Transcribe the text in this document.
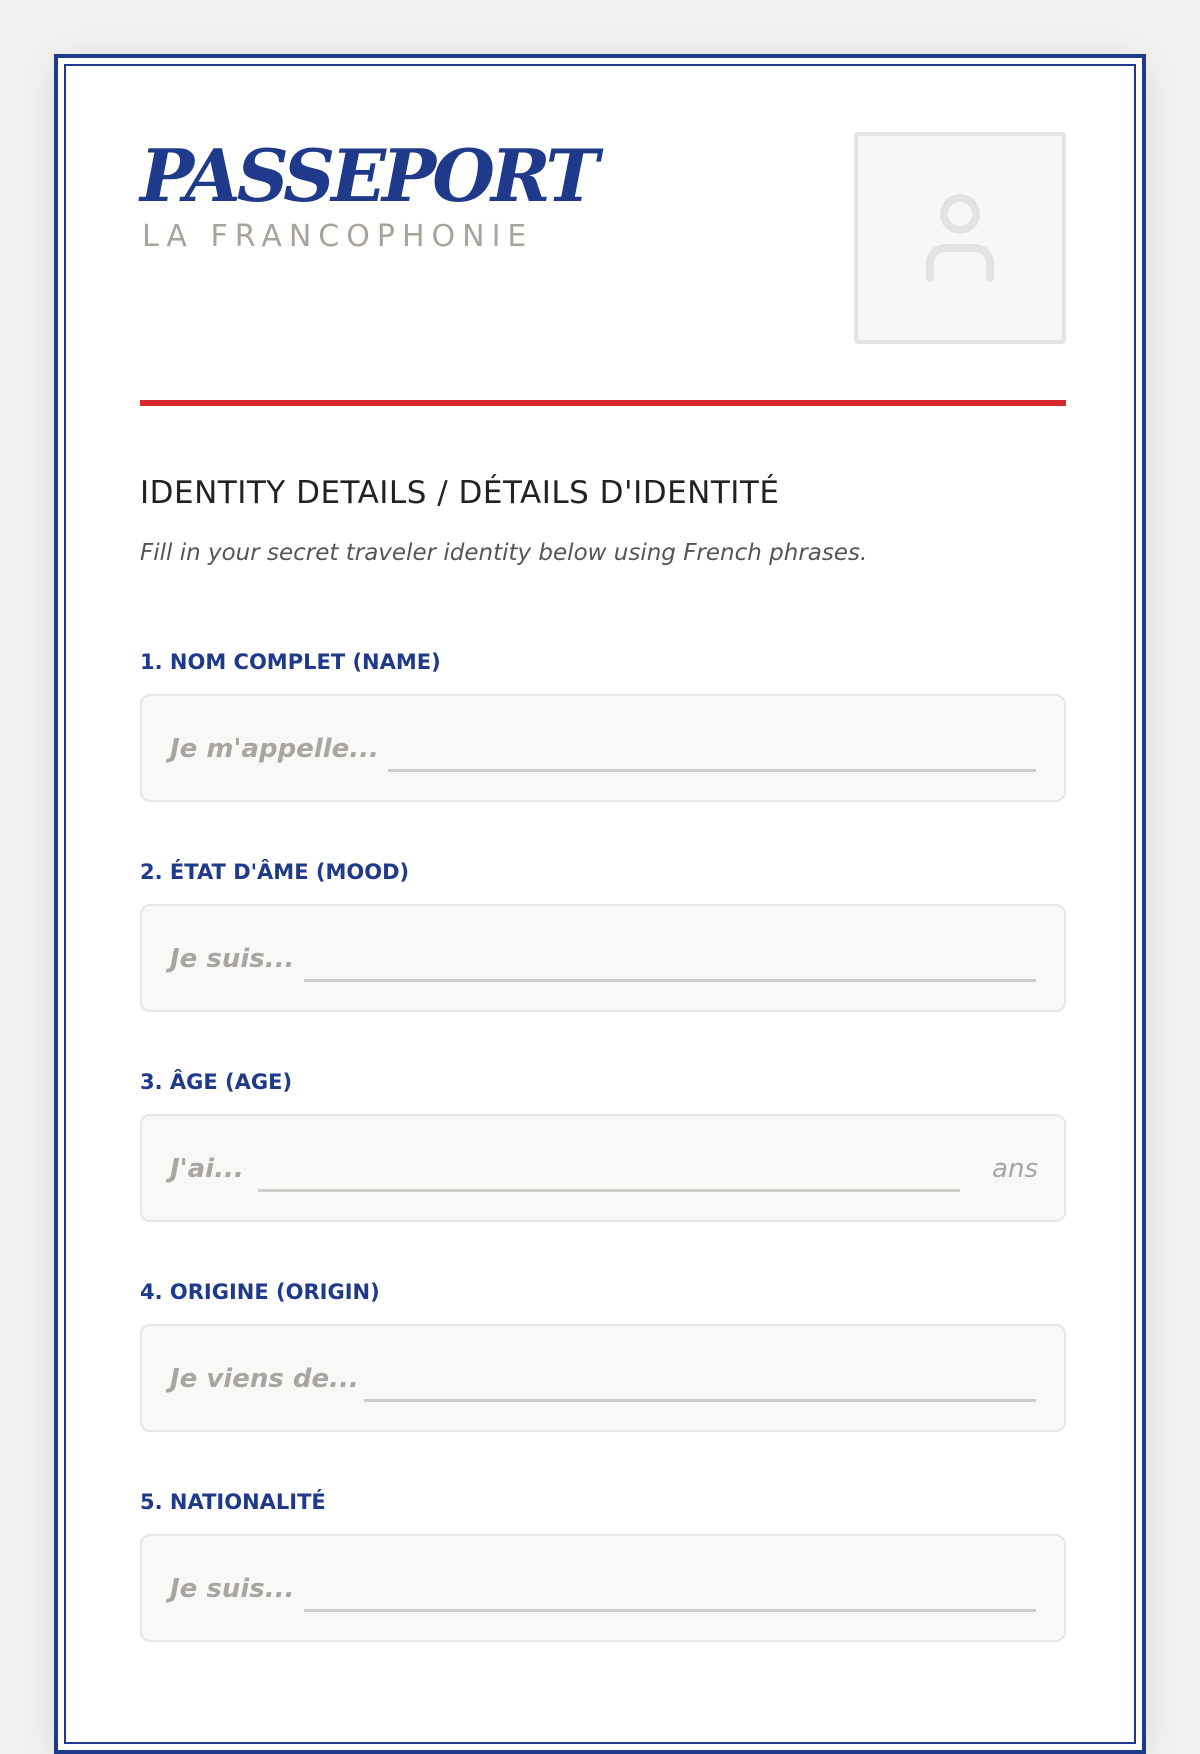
PASSEPORT
LA FRANCOPHONIE
IDENTITY DETAILS / DÉTAILS D'IDENTITÉ
Fill in your secret traveler identity below using French phrases.
1. NOM COMPLET (NAME)
Je m'appelle...
2. ÉTAT D'ÂME (MOOD)
Je suis...
3. ÂGE (AGE)
J'ai...	ans
4. ORIGINE (ORIGIN)
Je viens de...
5. NATIONALITÉ
Je suis...
